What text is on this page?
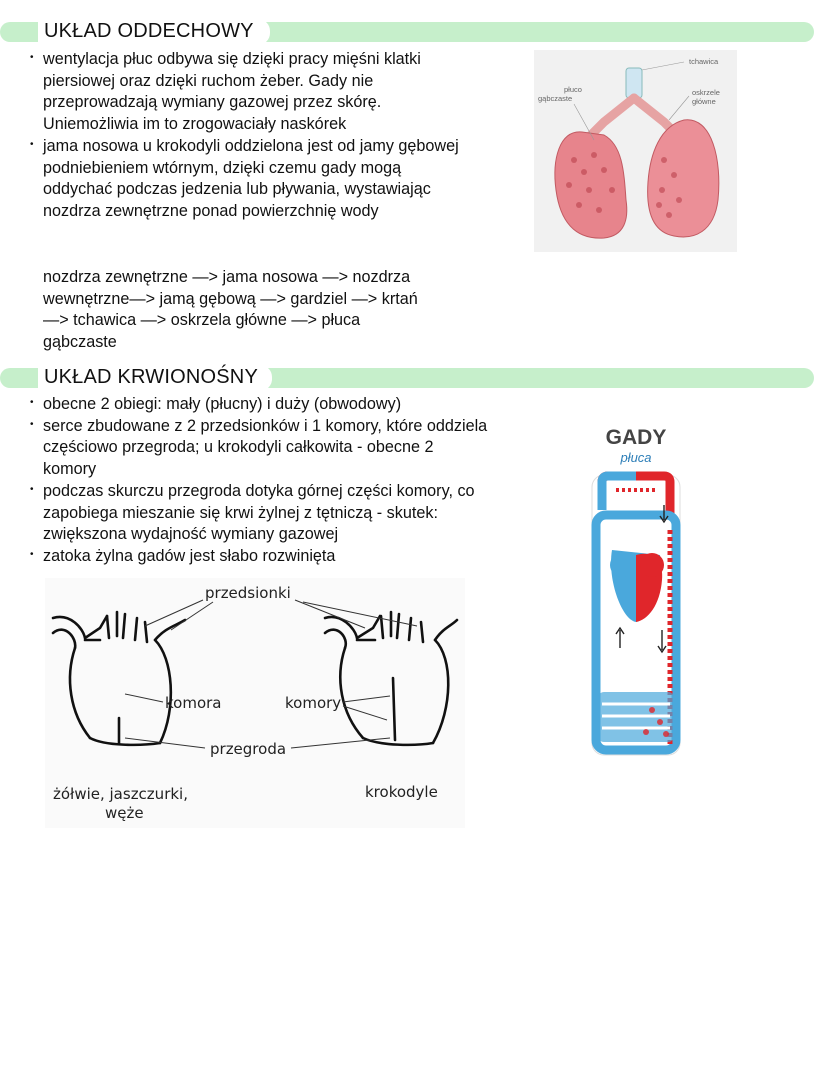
UKŁAD ODDECHOWY
• wentylacja płuc odbywa się dzięki pracy mięśni klatki piersiowej oraz dzięki ruchom żeber. Gady nie przeprowadzają wymiany gazowej przez skórę. Uniemożliwia im to zrogowaciały naskórek
• jama nosowa u krokodyli oddzielona jest od jamy gębowej podniebieniem wtórnym, dzięki czemu gady mogą oddychać podczas jedzenia lub pływania, wystawiając nozdrza zewnętrzne ponad powierzchnię wody
nozdrza zewnętrzne —> jama nosowa —> nozdrza
wewnętrzne—> jamą gębową —> gardziel —> krtań
—> tchawica —> oskrzela główne —> płuca
gąbczaste
tchawica
płuco
gąbczaste
oskrzele
główne
UKŁAD KRWIONOŚNY
• obecne 2 obiegi: mały (płucny) i duży (obwodowy)
• serce zbudowane z 2 przedsionków i 1 komory, które oddziela częściowo przegroda; u krokodyli całkowita - obecne 2 komory
• podczas skurczu przegroda dotyka górnej części komory, co zapobiega mieszanie się krwi żylnej z tętniczą - skutek: zwiększona wydajność wymiany gazowej
• zatoka żylna gadów jest słabo rozwinięta
przedsionki
komora	komory
przegroda
żółwie, jaszczurki,
węże
krokodyle
GADY
płuca
narządy
